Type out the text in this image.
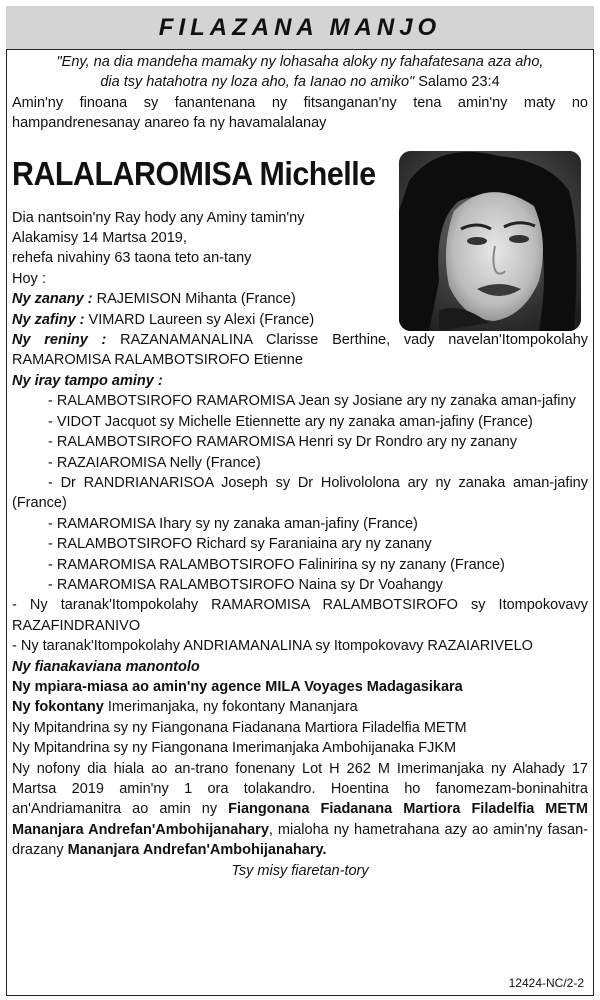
FILAZANA MANJO

"Eny, na dia mandeha mamaky ny lohasaha aloky ny fahafatesana aza aho,
dia tsy hatahotra ny loza aho, fa Ianao no amiko" Salamo 23:4

Amin'ny finoana sy fanantenana ny fitsanganan'ny tena amin'ny maty no hampandrenesanay anareo fa ny havamalalanay

RALALAROMISA Michelle

Dia nantsoin'ny Ray hody any Aminy tamin'ny

Alakamisy 14 Martsa 2019,

rehefa nivahiny 63 taona teto an-tany

Hoy :

Ny zanany : RAJEMISON Mihanta (France)

Ny zafiny : VIMARD Laureen sy Alexi (France)

Ny reniny : RAZANAMANALINA Clarisse Berthine, vady navelan'Itompokolahy RAMAROMISA RALAMBOTSIROFO Etienne

Ny iray tampo aminy :

- RALAMBOTSIROFO RAMAROMISA Jean sy Josiane ary ny zanaka aman-jafiny

- VIDOT Jacquot sy Michelle Etiennette ary ny zanaka aman-jafiny (France)

- RALAMBOTSIROFO RAMAROMISA Henri sy Dr Rondro ary ny zanany

- RAZAIAROMISA Nelly (France)

- Dr RANDRIANARISOA Joseph sy Dr Holivololona ary ny zanaka aman-jafiny (France)

- RAMAROMISA Ihary sy ny zanaka aman-jafiny (France)

- RALAMBOTSIROFO Richard sy Faraniaina ary ny zanany

- RAMAROMISA RALAMBOTSIROFO Falinirina sy ny zanany (France)

- RAMAROMISA RALAMBOTSIROFO Naina sy Dr Voahangy

- Ny taranak'Itompokolahy RAMAROMISA RALAMBOTSIROFO sy Itompokovavy RAZAFINDRANIVO

- Ny taranak'Itompokolahy ANDRIAMANALINA sy Itompokovavy RAZAIARIVELO

Ny fianakaviana manontolo

Ny mpiara-miasa ao amin'ny agence MILA Voyages Madagasikara

Ny fokontany Imerimanjaka, ny fokontany Mananjara

Ny Mpitandrina sy ny Fiangonana Fiadanana Martiora Filadelfia METM

Ny Mpitandrina sy ny Fiangonana Imerimanjaka Ambohijanaka FJKM

Ny nofony dia hiala ao an-trano fonenany Lot H 262 M Imerimanjaka ny Alahady 17 Martsa 2019 amin'ny 1 ora tolakandro. Hoentina ho fanomezam-boninahitra an'Andriamanitra ao amin ny Fiangonana Fiadanana Martiora Filadelfia METM Mananjara Andrefan'Ambohijanahary, mialoha ny hametrahana azy ao amin'ny fasan-drazany Mananjara Andrefan'Ambohijanahary.

Tsy misy fiaretan-tory

12424-NC/2-2
